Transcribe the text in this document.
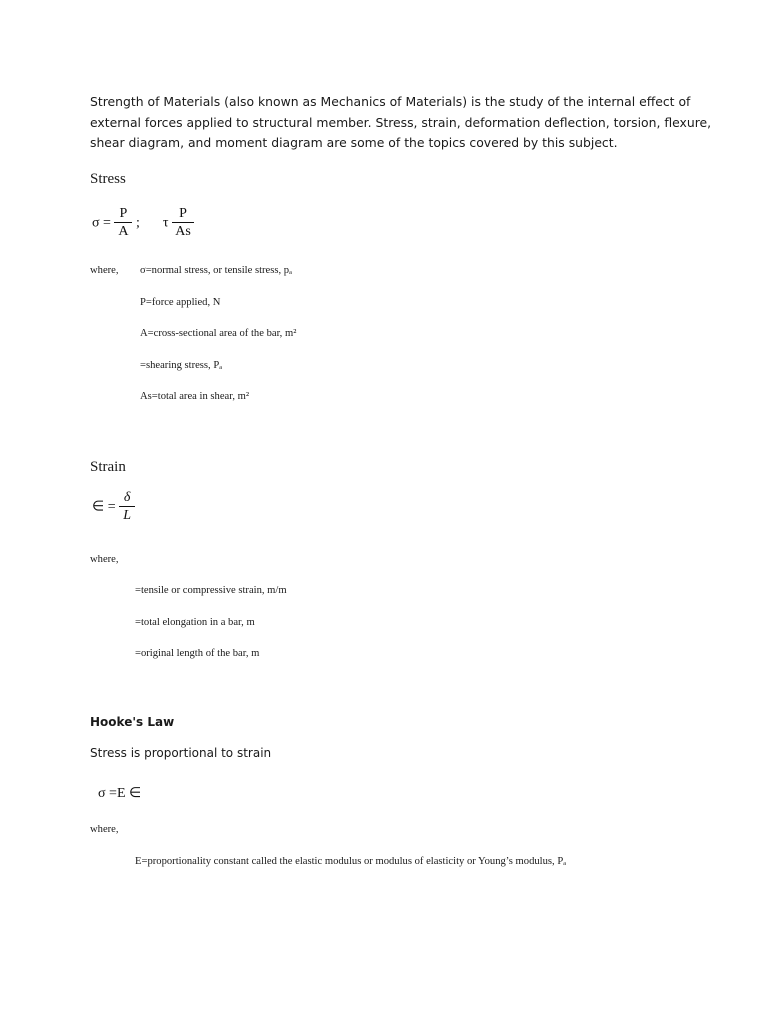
Strength of Materials (also known as Mechanics of Materials) is the study of the internal effect of
external forces applied to structural member. Stress, strain, deformation deflection, torsion, flexure,
shear diagram, and moment diagram are some of the topics covered by this subject.
Stress
$\sigma = \frac{P}{A}$ ; τ $\frac{P}{As}$
where, σ=normal stress, or tensile stress, pₐ
P=force applied, N
A=cross-sectional area of the bar, m²
=shearing stress, Pₐ
As=total area in shear, m²
Strain
∈ = $\frac{\delta}{L}$
where,
=tensile or compressive strain, m/m
=total elongation in a bar, m
=original length of the bar, m
Hooke's Law
Stress is proportional to strain
σ =E ∈
where,
E=proportionality constant called the elastic modulus or modulus of elasticity or Young’s modulus, Pₐ
